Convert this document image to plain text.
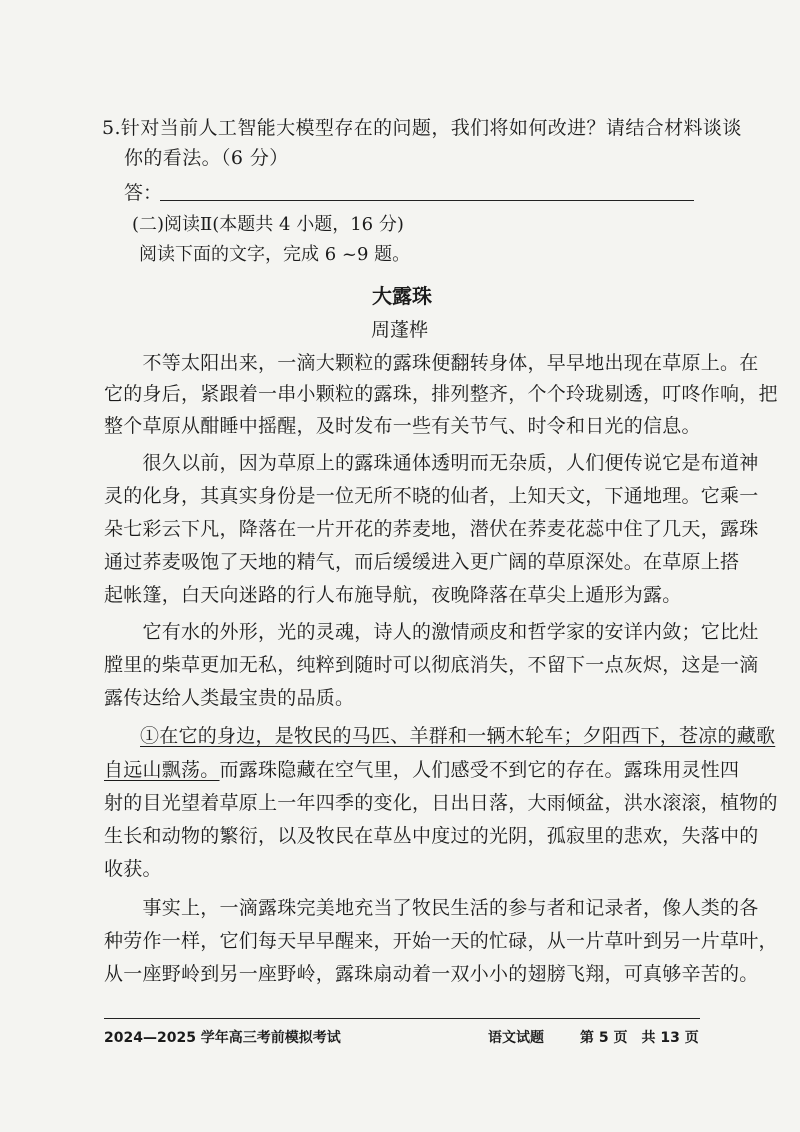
5.针对当前人工智能大模型存在的问题，我们将如何改进？请结合材料谈谈
你的看法。（6 分）
答：
(二)阅读Ⅱ(本题共 4 小题，16 分)
阅读下面的文字，完成 6 ~9 题。
大露珠
周蓬桦
　　不等太阳出来，一滴大颗粒的露珠便翻转身体，早早地出现在草原上。在
它的身后，紧跟着一串小颗粒的露珠，排列整齐，个个玲珑剔透，叮咚作响，把
整个草原从酣睡中摇醒，及时发布一些有关节气、时令和日光的信息。
　　很久以前，因为草原上的露珠通体透明而无杂质，人们便传说它是布道神
灵的化身，其真实身份是一位无所不晓的仙者，上知天文，下通地理。它乘一
朵七彩云下凡，降落在一片开花的荞麦地，潜伏在荞麦花蕊中住了几天，露珠
通过荞麦吸饱了天地的精气，而后缓缓进入更广阔的草原深处。在草原上搭
起帐篷，白天向迷路的行人布施导航，夜晚降落在草尖上遁形为露。
　　它有水的外形，光的灵魂，诗人的激情顽皮和哲学家的安详内敛；它比灶
膛里的柴草更加无私，纯粹到随时可以彻底消失，不留下一点灰烬，这是一滴
露传达给人类最宝贵的品质。
①在它的身边，是牧民的马匹、羊群和一辆木轮车；夕阳西下，苍凉的藏歌
自远山飘荡。而露珠隐藏在空气里，人们感受不到它的存在。露珠用灵性四
射的目光望着草原上一年四季的变化，日出日落，大雨倾盆，洪水滚滚，植物的
生长和动物的繁衍，以及牧民在草丛中度过的光阴，孤寂里的悲欢，失落中的
收获。
　　事实上，一滴露珠完美地充当了牧民生活的参与者和记录者，像人类的各
种劳作一样，它们每天早早醒来，开始一天的忙碌，从一片草叶到另一片草叶，
从一座野岭到另一座野岭，露珠扇动着一双小小的翅膀飞翔，可真够辛苦的。
2024—2025 学年高三考前模拟考试	语文试题	第 5 页　共 13 页
